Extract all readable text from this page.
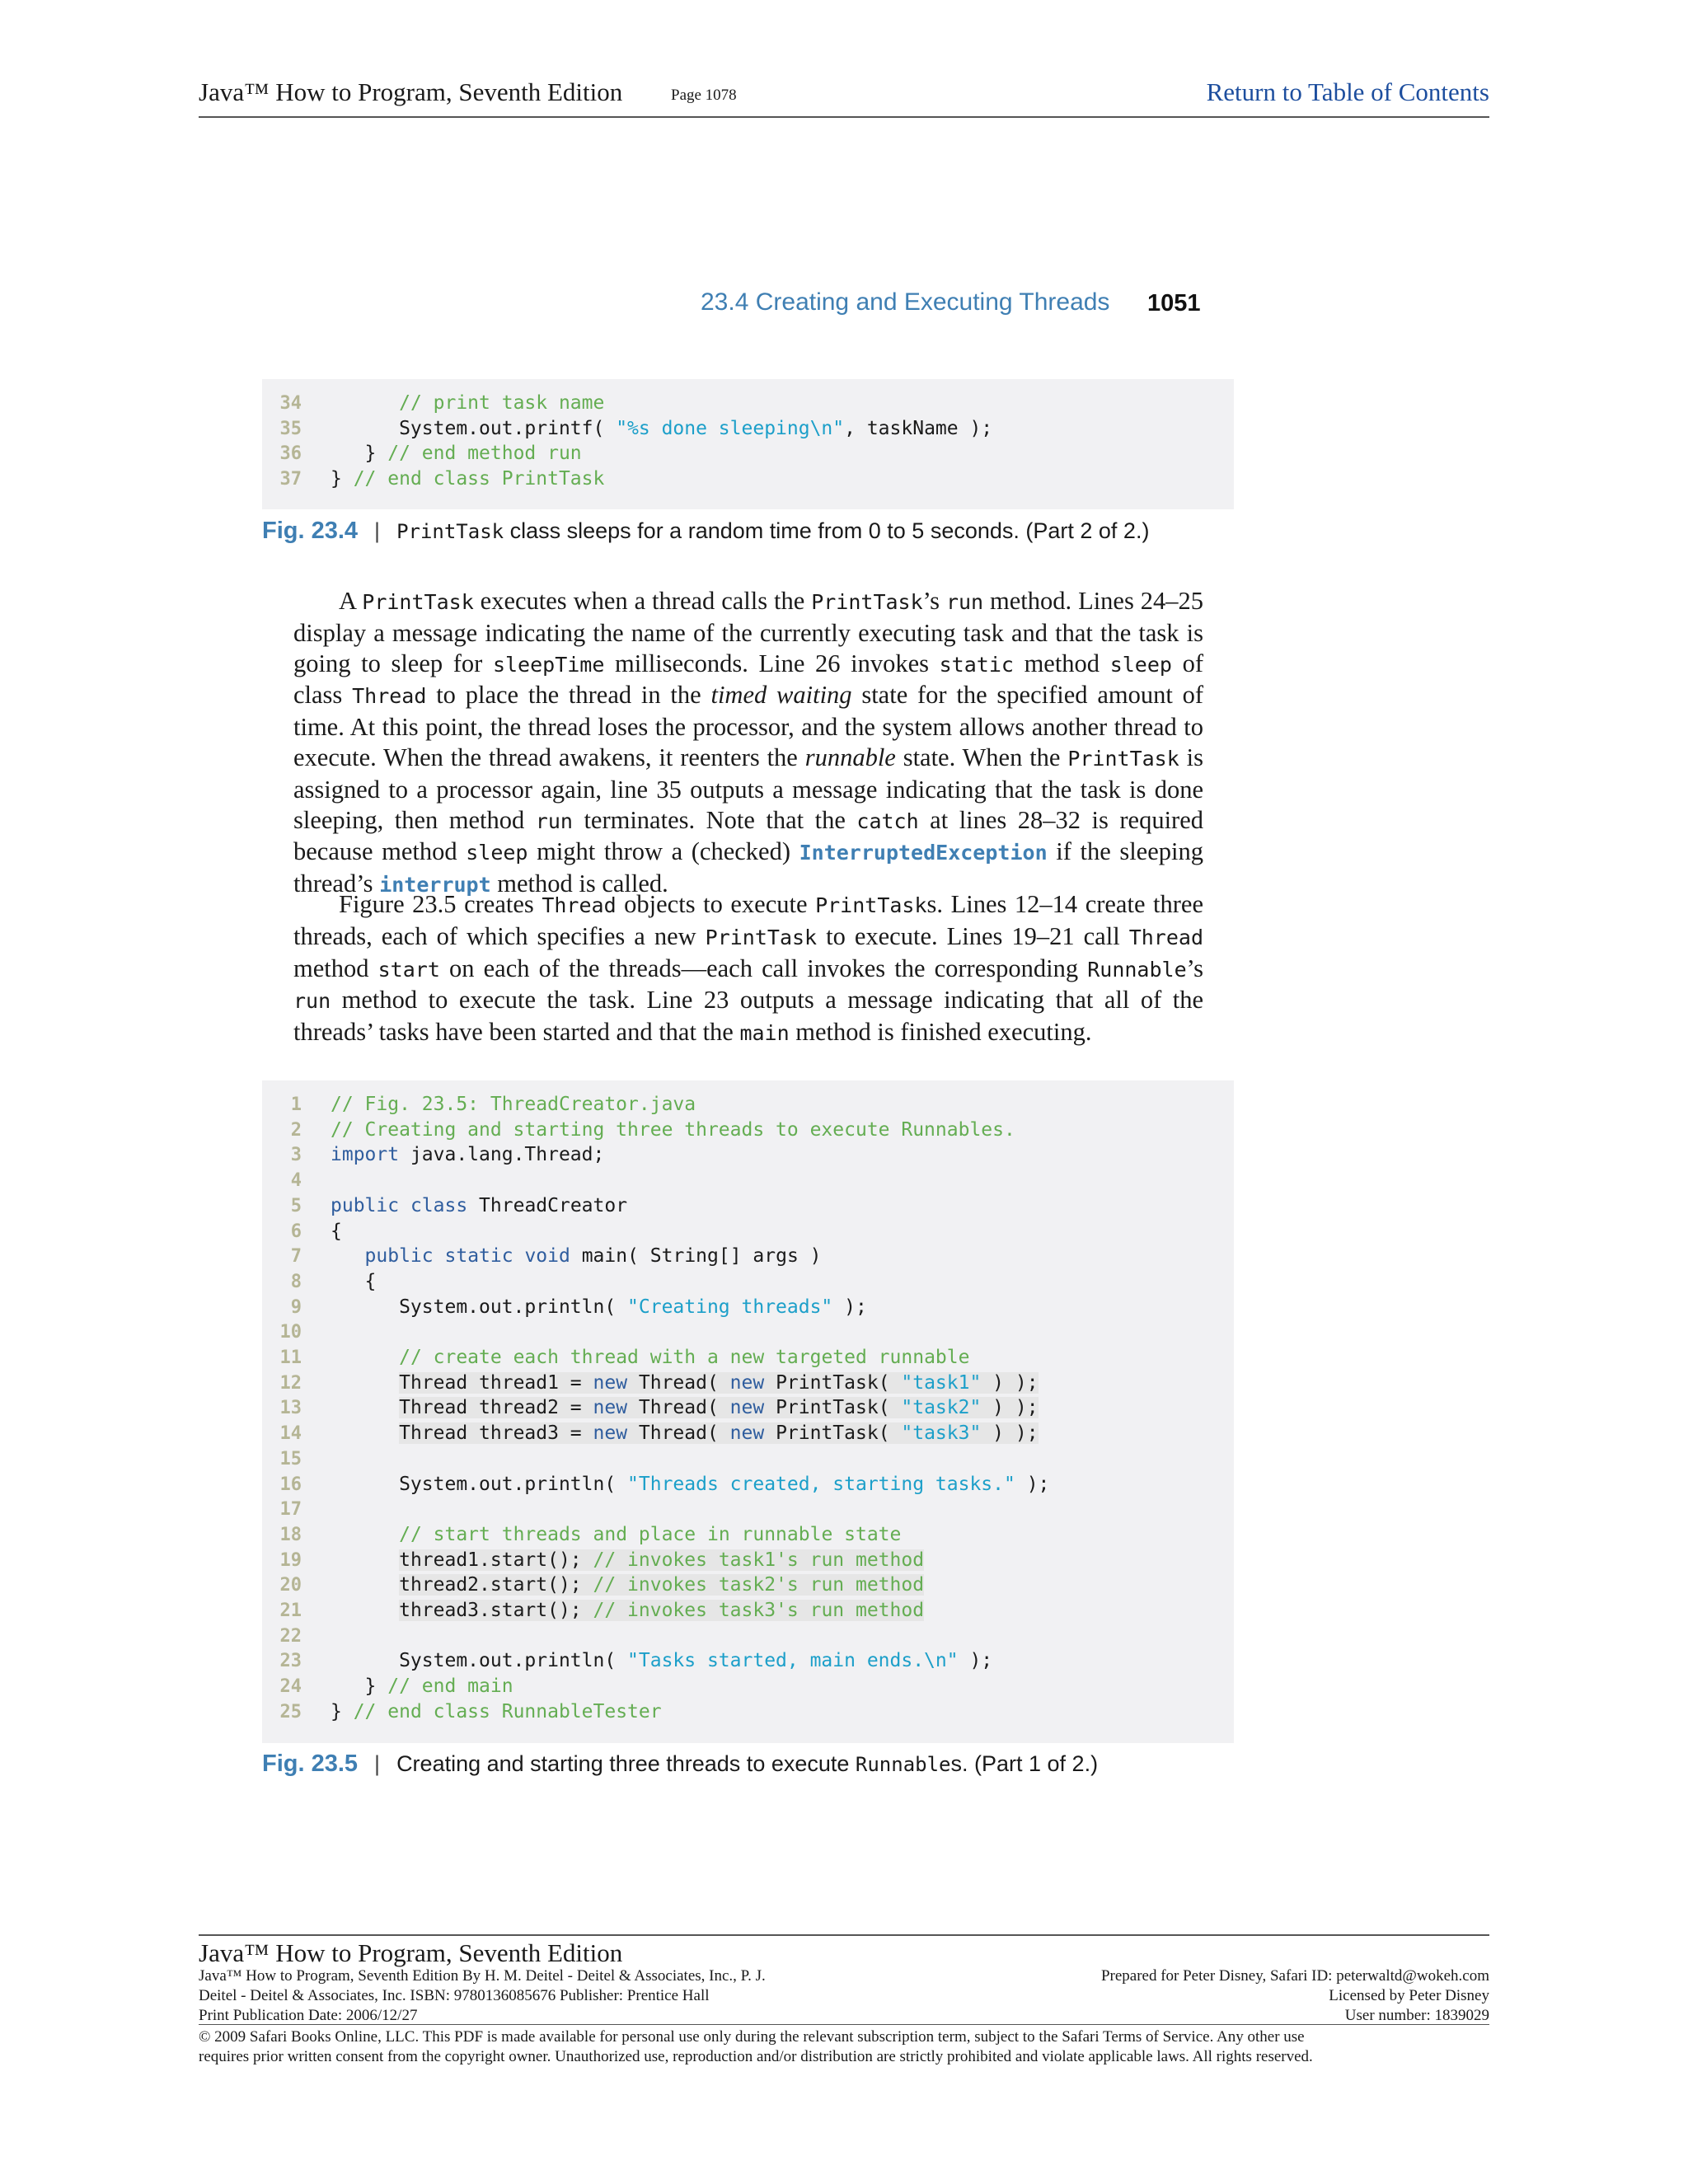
Java™ How to Program, Seventh Edition	Page 1078	Return to Table of Contents
23.4 Creating and Executing Threads 1051
34	// print task name
35 System.out.printf( "%s done sleeping\n", taskName );
36 } // end method run
37 } // end class PrintTask
Fig. 23.4 | PrintTask class sleeps for a random time from 0 to 5 seconds. (Part 2 of 2.)
A PrintTask executes when a thread calls the PrintTask’s run method. Lines 24–25 display a message indicating the name of the currently executing task and that the task is going to sleep for sleepTime milliseconds. Line 26 invokes static method sleep of class Thread to place the thread in the timed waiting state for the specified amount of time. At this point, the thread loses the processor, and the system allows another thread to execute. When the thread awakens, it reenters the runnable state. When the PrintTask is assigned to a processor again, line 35 outputs a message indicating that the task is done sleeping, then method run terminates. Note that the catch at lines 28–32 is required because method sleep might throw a (checked) InterruptedException if the sleeping thread’s interrupt method is called.
Figure 23.5 creates Thread objects to execute PrintTasks. Lines 12–14 create three threads, each of which specifies a new PrintTask to execute. Lines 19–21 call Thread method start on each of the threads—each call invokes the corresponding Runnable’s run method to execute the task. Line 23 outputs a message indicating that all of the threads’ tasks have been started and that the main method is finished executing.
1 // Fig. 23.5: ThreadCreator.java
2 // Creating and starting three threads to execute Runnables.
3 import java.lang.Thread;
4
5 public class ThreadCreator
6 {
7	public static void main( String[] args )
8 {
9 System.out.println( "Creating threads" );
10
11	// create each thread with a new targeted runnable
12	Thread thread1 = new Thread( new PrintTask( "task1" ) );
13	Thread thread2 = new Thread( new PrintTask( "task2" ) );
14	Thread thread3 = new Thread( new PrintTask( "task3" ) );
15
16 System.out.println( "Threads created, starting tasks." );
17
18	// start threads and place in runnable state
19	thread1.start(); // invokes task1's run method
20	thread2.start(); // invokes task2's run method
21	thread3.start(); // invokes task3's run method
22
23 System.out.println( "Tasks started, main ends.\n" );
24 } // end main
25 } // end class RunnableTester
Fig. 23.5 | Creating and starting three threads to execute Runnables. (Part 1 of 2.)
Java™ How to Program, Seventh Edition
Java™ How to Program, Seventh Edition By H. M. Deitel - Deitel & Associates, Inc., P. J.
Deitel - Deitel & Associates, Inc. ISBN: 9780136085676 Publisher: Prentice Hall
Print Publication Date: 2006/12/27
Prepared for Peter Disney, Safari ID: peterwaltd@wokeh.com
Licensed by Peter Disney
User number: 1839029
© 2009 Safari Books Online, LLC. This PDF is made available for personal use only during the relevant subscription term, subject to the Safari Terms of Service. Any other use
requires prior written consent from the copyright owner. Unauthorized use, reproduction and/or distribution are strictly prohibited and violate applicable laws. All rights reserved.
